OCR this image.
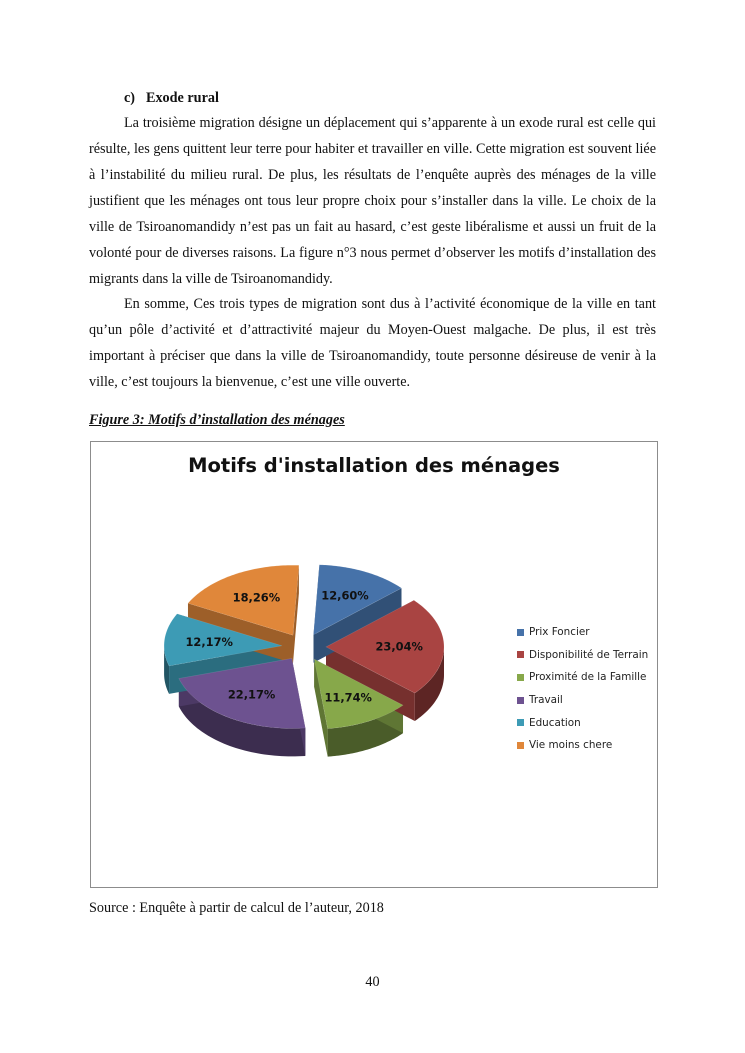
c) Exode rural

La troisième migration désigne un déplacement qui s’apparente à un exode rural est celle qui résulte, les gens quittent leur terre pour habiter et travailler en ville. Cette migration est souvent liée à l’instabilité du milieu rural. De plus, les résultats de l’enquête auprès des ménages de la ville justifient que les ménages ont tous leur propre choix pour s’installer dans la ville. Le choix de la ville de Tsiroanomandidy n’est pas un fait au hasard, c’est geste libéralisme et aussi un fruit de la volonté pour de diverses raisons. La figure n°3 nous permet d’observer les motifs d’installation des migrants dans la ville de Tsiroanomandidy.

En somme, Ces trois types de migration sont dus à l’activité économique de la ville en tant qu’un pôle d’activité et d’attractivité majeur du Moyen-Ouest malgache. De plus, il est très important à préciser que dans la ville de Tsiroanomandidy, toute personne désireuse de venir à la ville, c’est toujours la bienvenue, c’est une ville ouverte.

Figure 3: Motifs d’installation des ménages
Motifs d'installation des ménages
12,60%
23,04%
11,74%
22,17%
12,17%
18,26%
Prix Foncier
Disponibilité de Terrain
Proximité de la Famille
Travail
Education
Vie moins chere
Source : Enquête à partir de calcul de l’auteur, 2018
40
